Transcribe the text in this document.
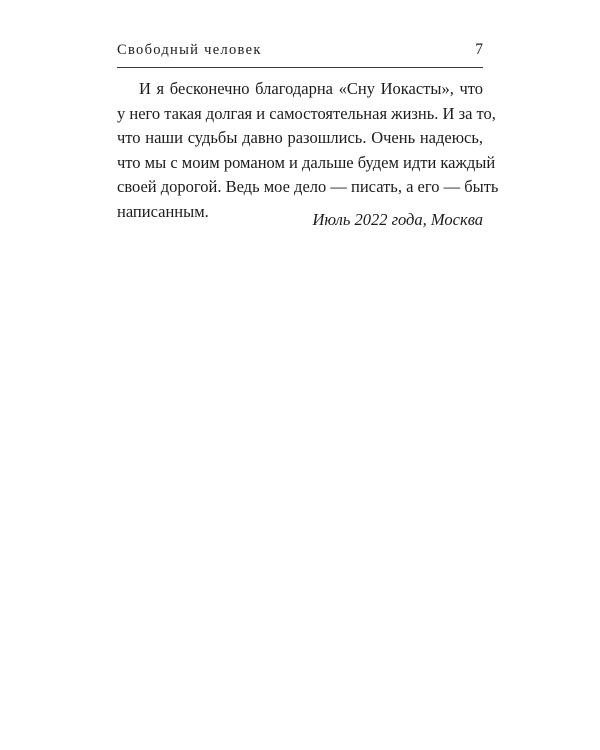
Свободный человек	7

И я бесконечно благодарна «Сну Иокасты», что
у него такая долгая и самостоятельная жизнь. И за то,
что наши судьбы давно разошлись. Очень надеюсь,
что мы с моим романом и дальше будем идти каждый
своей дорогой. Ведь мое дело — писать, а его — быть
написанным.	Июль 2022 года, Москва
